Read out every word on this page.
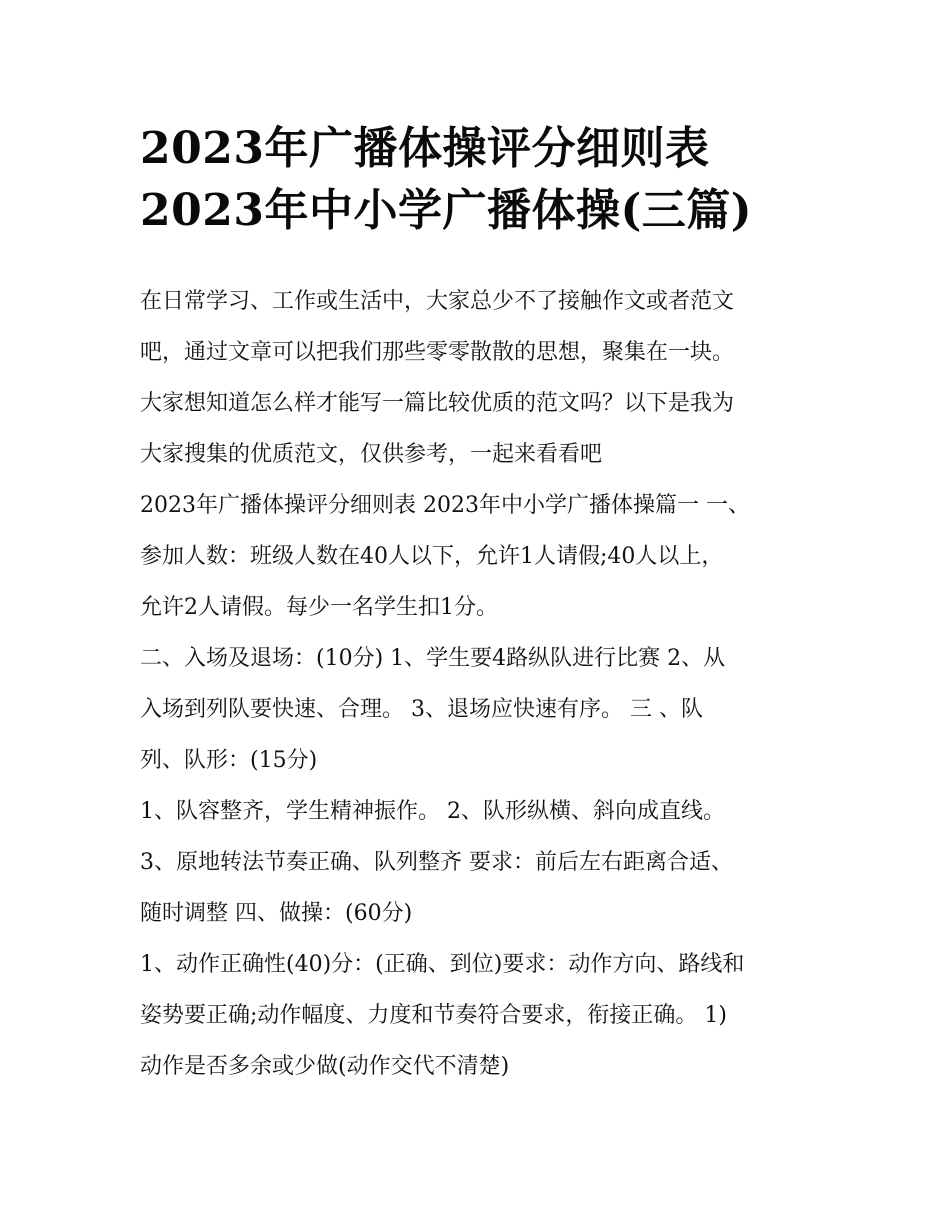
2023年广播体操评分细则表
2023年中小学广播体操(三篇)
在日常学习、工作或生活中，大家总少不了接触作文或者范文
吧，通过文章可以把我们那些零零散散的思想，聚集在一块。
大家想知道怎么样才能写一篇比较优质的范文吗？以下是我为
大家搜集的优质范文，仅供参考，一起来看看吧
2023年广播体操评分细则表 2023年中小学广播体操篇一 一、
参加人数：班级人数在40人以下，允许1人请假;40人以上，
允许2人请假。每少一名学生扣1分。
二、入场及退场：(10分) 1、学生要4路纵队进行比赛 2、从
入场到列队要快速、合理。 3、退场应快速有序。 三 、队
列、队形：(15分)
1、队容整齐，学生精神振作。 2、队形纵横、斜向成直线。
3、原地转法节奏正确、队列整齐 要求：前后左右距离合适、
随时调整 四、做操：(60分)
1、动作正确性(40)分：(正确、到位)要求：动作方向、路线和
姿势要正确;动作幅度、力度和节奏符合要求，衔接正确。 1)
动作是否多余或少做(动作交代不清楚)
